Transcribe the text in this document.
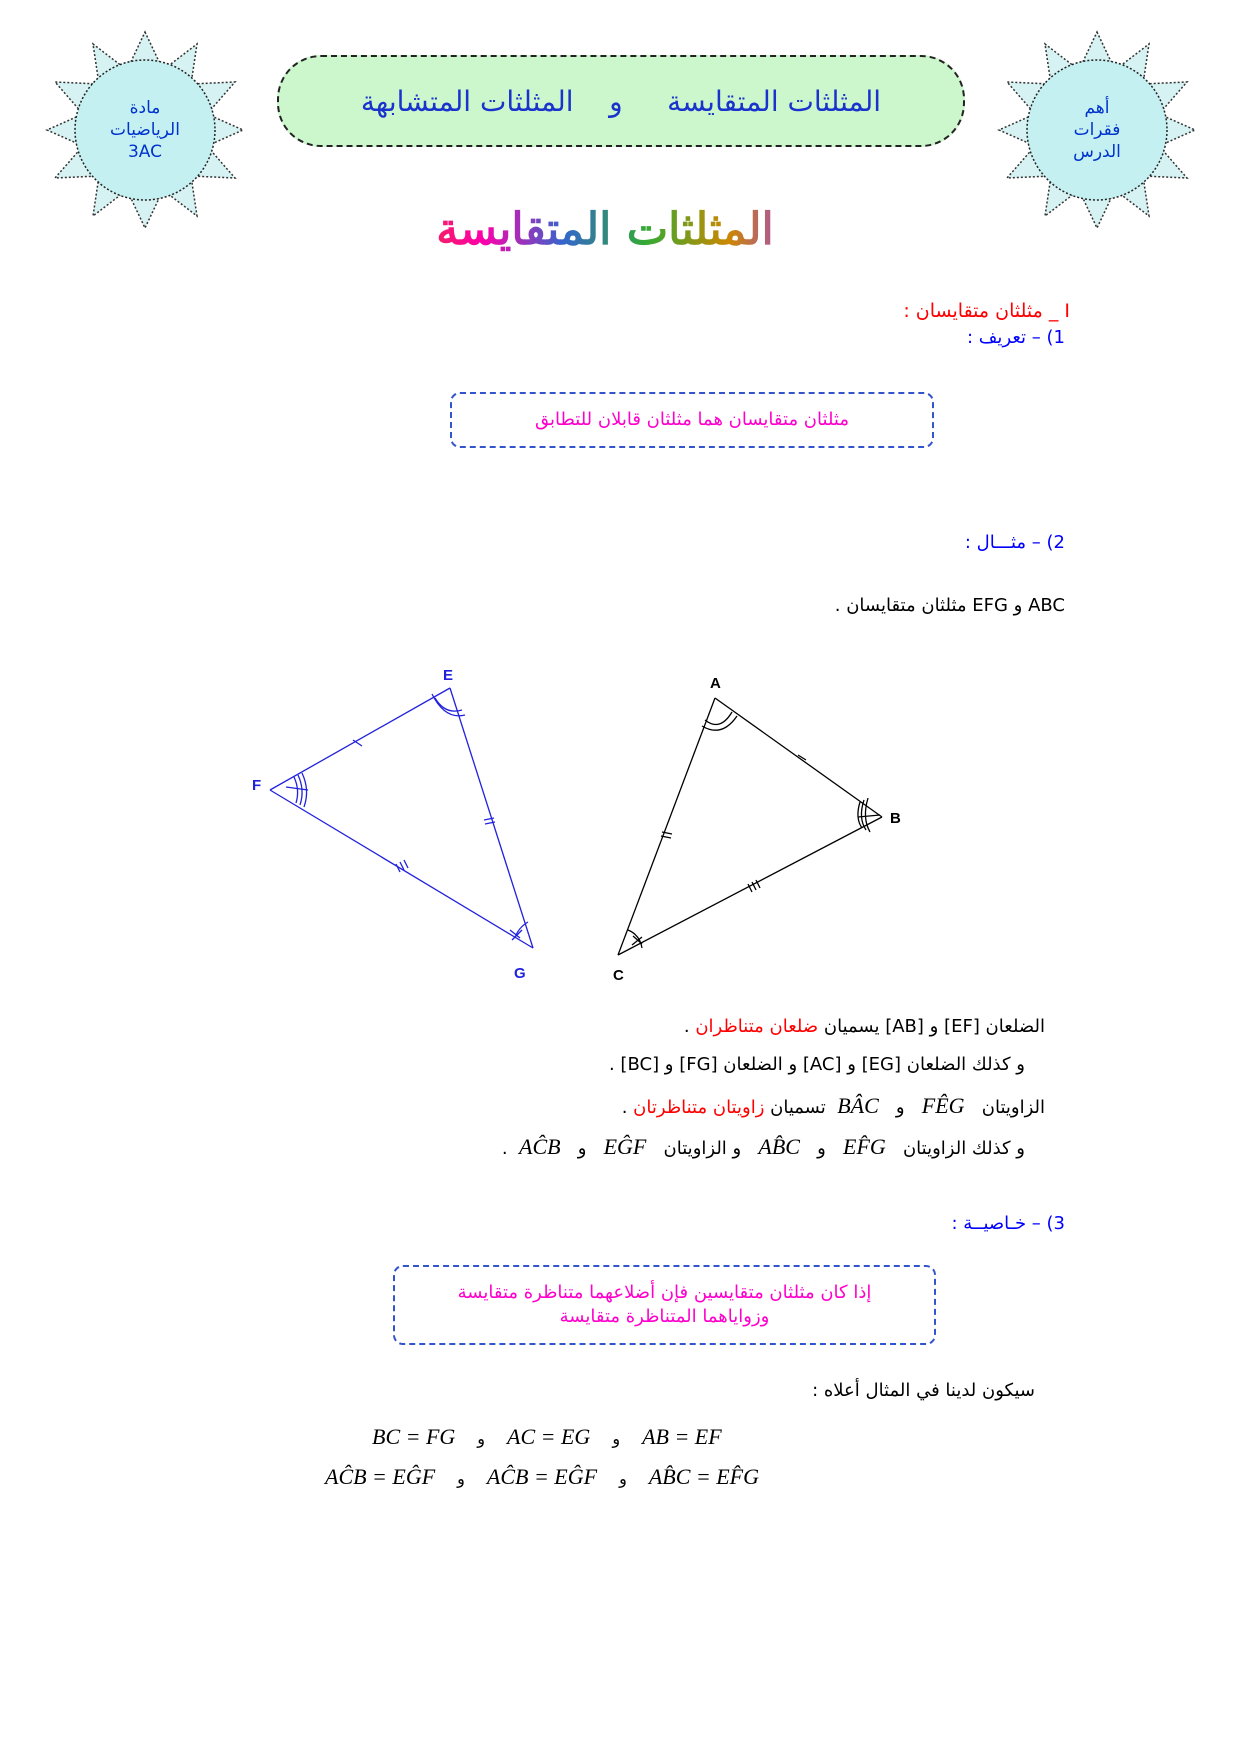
مادة
الرياضيات
3AC
أهم
فقرات
الدرس
المثلثات المتقايسة     و    المثلثات المتشابهة
المثلثات المتقايسة
I _ مثلثان متقايسان :
1) – تعريف :
مثلثان متقايسان هما مثلثان قابلان للتطابق
2) – مثـــال :
ABC و EFG مثلثان متقايسان .
E
F
G
A
B
C
الضلعان [EF] و [AB] يسميان ضلعان متناظران .
و كذلك الضلعان [EG] و [AC] و الضلعان [FG] و [BC] .
الزاويتان   FÊG   و   BÂC  تسميان زاويتان متناظرتان .
و كذلك الزاويتان   EF̂G   و   AB̂C   و الزاويتان   EĜF   و   AĈB  .
3) – خـاصيــة :
إذا كان مثلثان متقايسين فإن أضلاعهما متناظرة متقايسة
وزواياهما المتناظرة متقايسة
سيكون لدينا في المثال أعلاه :
BC = FG و AC = EG و AB = EF
AĈB = EĜF و AĈB = EĜF و AB̂C = EF̂G
